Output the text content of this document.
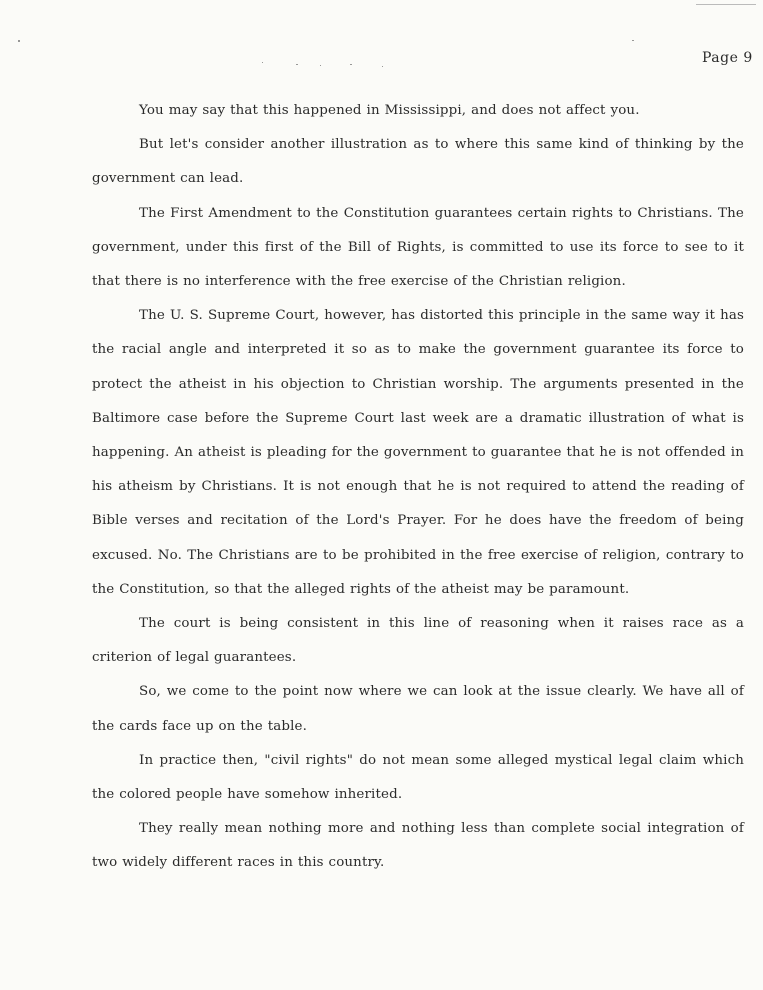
Page 9

You may say that this happened in Mississippi, and does not affect you.

But let's consider another illustration as to where this same kind of thinking by the government can lead.

The First Amendment to the Constitution guarantees certain rights to Christians. The government, under this first of the Bill of Rights, is committed to use its force to see to it that there is no interference with the free exercise of the Christian religion.

The U. S. Supreme Court, however, has distorted this principle in the same way it has the racial angle and interpreted it so as to make the government guarantee its force to protect the atheist in his objection to Christian worship. The arguments presented in the Baltimore case before the Supreme Court last week are a dramatic illustration of what is happening. An atheist is pleading for the government to guarantee that he is not offended in his atheism by Christians. It is not enough that he is not required to attend the reading of Bible verses and recitation of the Lord's Prayer. For he does have the freedom of being excused. No. The Christians are to be prohibited in the free exercise of religion, contrary to the Constitution, so that the alleged rights of the atheist may be paramount.

The court is being consistent in this line of reasoning when it raises race as a criterion of legal guarantees.

So, we come to the point now where we can look at the issue clearly. We have all of the cards face up on the table.

In practice then, "civil rights" do not mean some alleged mystical legal claim which the colored people have somehow inherited.

They really mean nothing more and nothing less than complete social integration of two widely different races in this country.
